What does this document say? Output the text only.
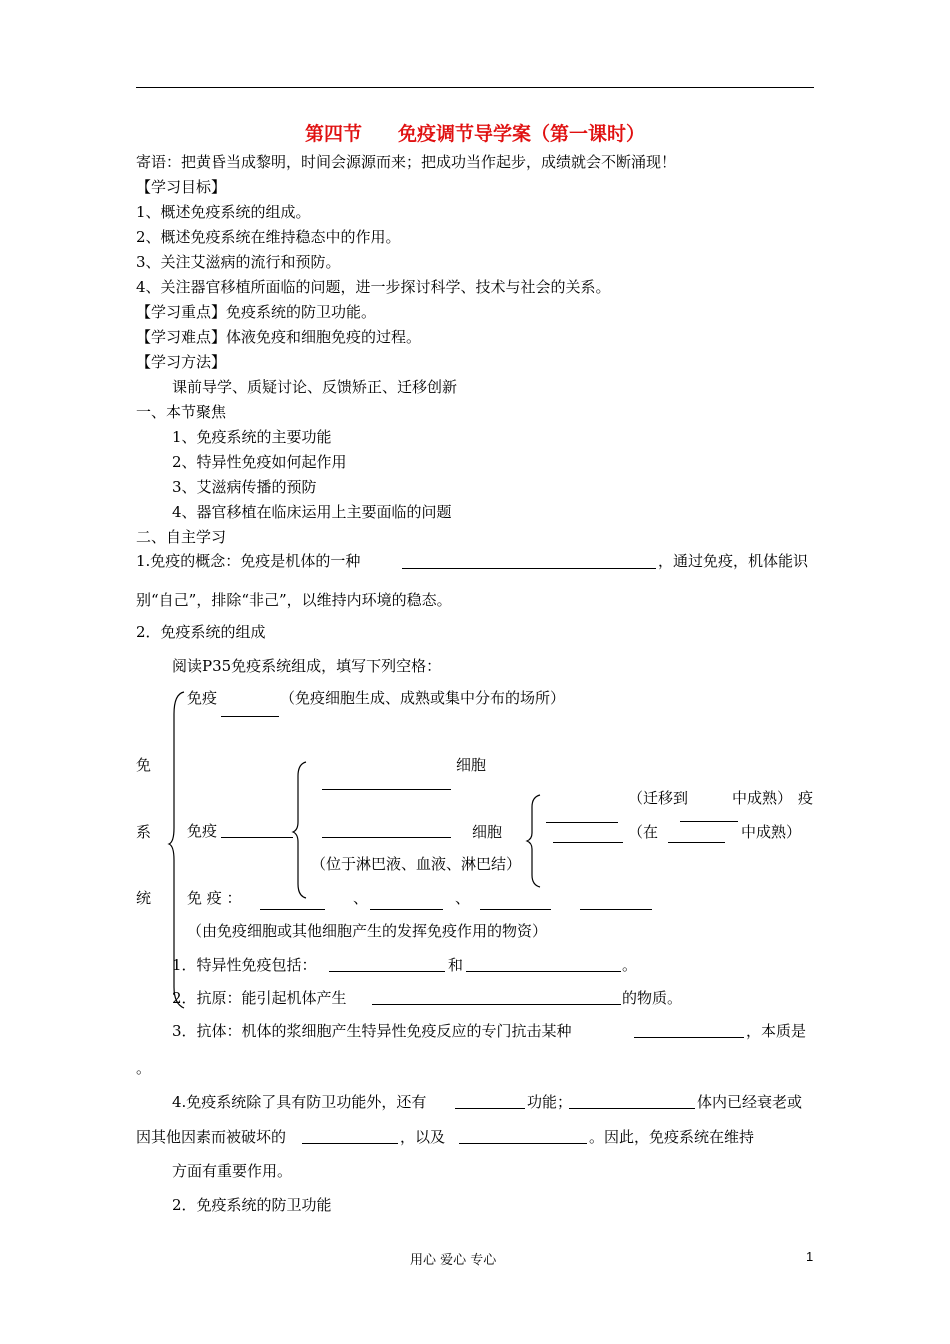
第四节 免疫调节导学案（第一课时）
寄语：把黄昏当成黎明，时间会源源而来；把成功当作起步，成绩就会不断涌现！
【学习目标】
1、概述免疫系统的组成。
2、概述免疫系统在维持稳态中的作用。
3、关注艾滋病的流行和预防。
4、关注器官移植所面临的问题，进一步探讨科学、技术与社会的关系。
【学习重点】免疫系统的防卫功能。
【学习难点】体液免疫和细胞免疫的过程。
【学习方法】
课前导学、质疑讨论、反馈矫正、迁移创新
一、本节聚焦
1、免疫系统的主要功能
2、特异性免疫如何起作用
3、艾滋病传播的预防
4、器官移植在临床运用上主要面临的问题
二、自主学习
1.免疫的概念：免疫是机体的一种	，通过免疫，机体能识
别“自己”，排除“非己”，以维持内环境的稳态。
2．免疫系统的组成
阅读P35免疫系统组成，填写下列空格：
免
系
统
免疫	（免疫细胞生成、成熟或集中分布的场所）
免疫
细胞
细胞
（位于淋巴液、血液、淋巴结）
（迁移到	中成熟） 疫
（在	中成熟）
免 疫 ：	、	、
（由免疫细胞或其他细胞产生的发挥免疫作用的物资）
1．特异性免疫包括：	和	。
2．抗原：能引起机体产生	的物质。
3．抗体：机体的浆细胞产生特异性免疫反应的专门抗击某种	，本质是
。
4.免疫系统除了具有防卫功能外，还有	功能；	体内已经衰老或
因其他因素而被破坏的	，以及	。因此，免疫系统在维持
方面有重要作用。
2．免疫系统的防卫功能
用心 爱心 专心	1
